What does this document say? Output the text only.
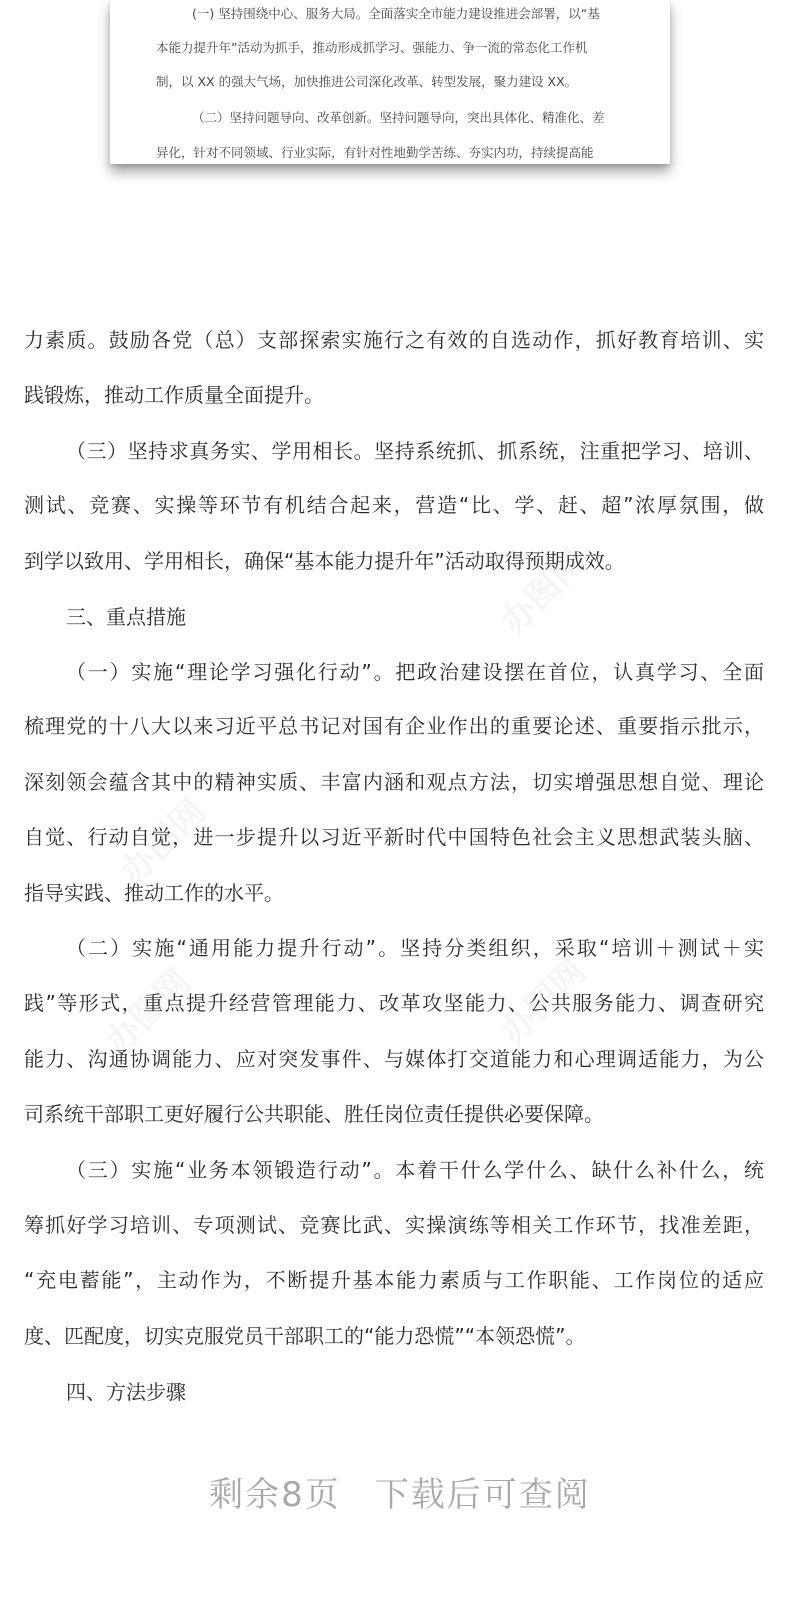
(一) 坚持围绕中心、服务大局。全面落实全市能力建设推进会部署，以“基
本能力提升年”活动为抓手，推动形成抓学习、强能力、争一流的常态化工作机
制，以 XX 的强大气场，加快推进公司深化改革、转型发展，聚力建设 XX。
（二）坚持问题导向、改革创新。坚持问题导向，突出具体化、精准化、差
异化，针对不同领域、行业实际，有针对性地勤学苦练、夯实内功，持续提高能
力素质。鼓励各党（总）支部探索实施行之有效的自选动作，抓好教育培训、实
践锻炼，推动工作质量全面提升。
（三）坚持求真务实、学用相长。坚持系统抓、抓系统，注重把学习、培训、
测试、竞赛、实操等环节有机结合起来，营造“比、学、赶、超”浓厚氛围，做
到学以致用、学用相长，确保“基本能力提升年”活动取得预期成效。
三、重点措施
（一）实施“理论学习强化行动”。把政治建设摆在首位，认真学习、全面
梳理党的十八大以来习近平总书记对国有企业作出的重要论述、重要指示批示，
深刻领会蕴含其中的精神实质、丰富内涵和观点方法，切实增强思想自觉、理论
自觉、行动自觉，进一步提升以习近平新时代中国特色社会主义思想武装头脑、
指导实践、推动工作的水平。
（二）实施“通用能力提升行动”。坚持分类组织，采取“培训＋测试＋实
践”等形式，重点提升经营管理能力、改革攻坚能力、公共服务能力、调查研究
能力、沟通协调能力、应对突发事件、与媒体打交道能力和心理调适能力，为公
司系统干部职工更好履行公共职能、胜任岗位责任提供必要保障。
（三）实施“业务本领锻造行动”。本着干什么学什么、缺什么补什么，统
筹抓好学习培训、专项测试、竞赛比武、实操演练等相关工作环节，找准差距，
“充电蓄能”，主动作为，不断提升基本能力素质与工作职能、工作岗位的适应
度、匹配度，切实克服党员干部职工的“能力恐慌”“本领恐慌”。
四、方法步骤
剩余8页 下载后可查阅
